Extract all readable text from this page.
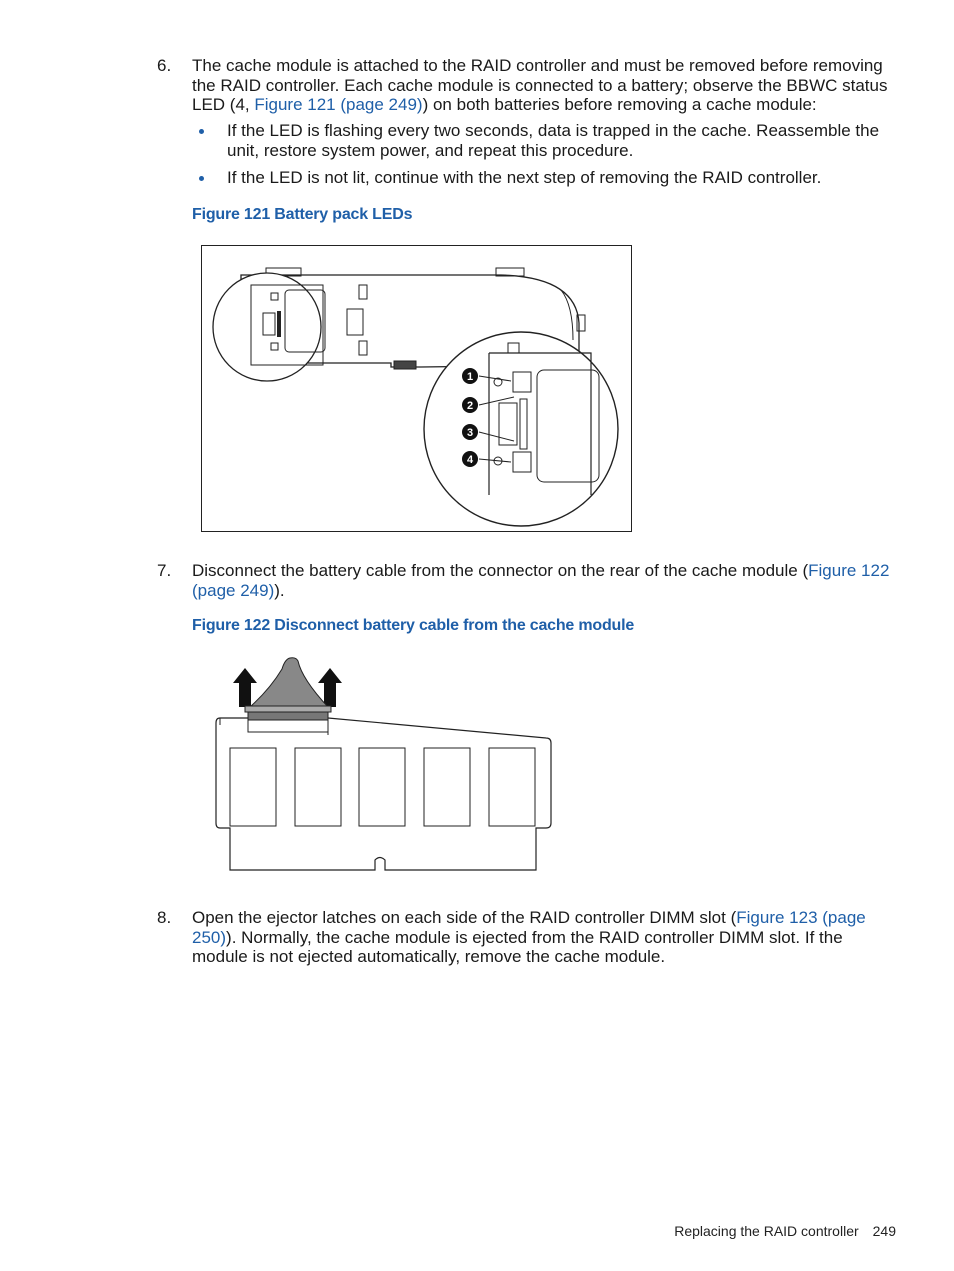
6. The cache module is attached to the RAID controller and must be removed before removing the RAID controller. Each cache module is connected to a battery; observe the BBWC status LED (4, Figure 121 (page 249)) on both batteries before removing a cache module:
If the LED is flashing every two seconds, data is trapped in the cache. Reassemble the unit, restore system power, and repeat this procedure.
If the LED is not lit, continue with the next step of removing the RAID controller.
Figure 121 Battery pack LEDs
1
2
3
4
7. Disconnect the battery cable from the connector on the rear of the cache module (Figure 122 (page 249)).
Figure 122 Disconnect battery cable from the cache module
8. Open the ejector latches on each side of the RAID controller DIMM slot (Figure 123 (page 250)). Normally, the cache module is ejected from the RAID controller DIMM slot. If the module is not ejected automatically, remove the cache module.
Replacing the RAID controller 249
